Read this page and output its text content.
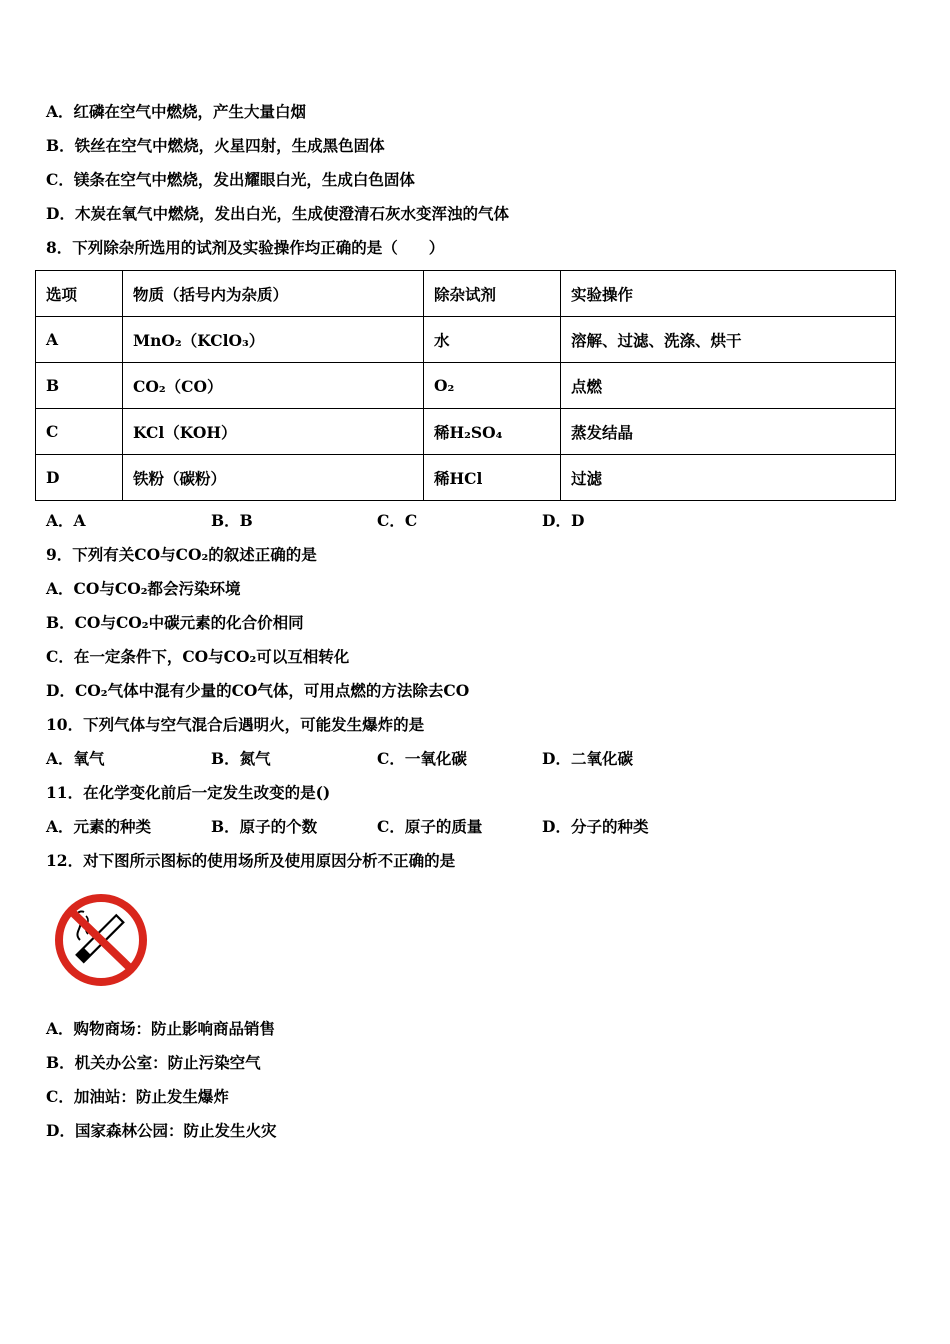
A．红磷在空气中燃烧，产生大量白烟
B．铁丝在空气中燃烧，火星四射，生成黑色固体
C．镁条在空气中燃烧，发出耀眼白光，生成白色固体
D．木炭在氧气中燃烧，发出白光，生成使澄清石灰水变浑浊的气体
8．下列除杂所选用的试剂及实验操作均正确的是（　　）
选项	物质（括号内为杂质）	除杂试剂	实验操作
A	MnO₂（KClO₃）	水	溶解、过滤、洗涤、烘干
B	CO₂（CO）	O₂	点燃
C	KCl（KOH）	稀H₂SO₄	蒸发结晶
D	铁粉（碳粉）	稀HCl	过滤
A．A	B．B	C．C	D．D
9．下列有关CO与CO₂的叙述正确的是
A．CO与CO₂都会污染环境
B．CO与CO₂中碳元素的化合价相同
C．在一定条件下，CO与CO₂可以互相转化
D．CO₂气体中混有少量的CO气体，可用点燃的方法除去CO
10．下列气体与空气混合后遇明火，可能发生爆炸的是
A．氧气	B．氮气	C．一氧化碳	D．二氧化碳
11．在化学变化前后一定发生改变的是()
A．元素的种类	B．原子的个数	C．原子的质量	D．分子的种类
12．对下图所示图标的使用场所及使用原因分析不正确的是
A．购物商场：防止影响商品销售
B．机关办公室：防止污染空气
C．加油站：防止发生爆炸
D．国家森林公园：防止发生火灾
